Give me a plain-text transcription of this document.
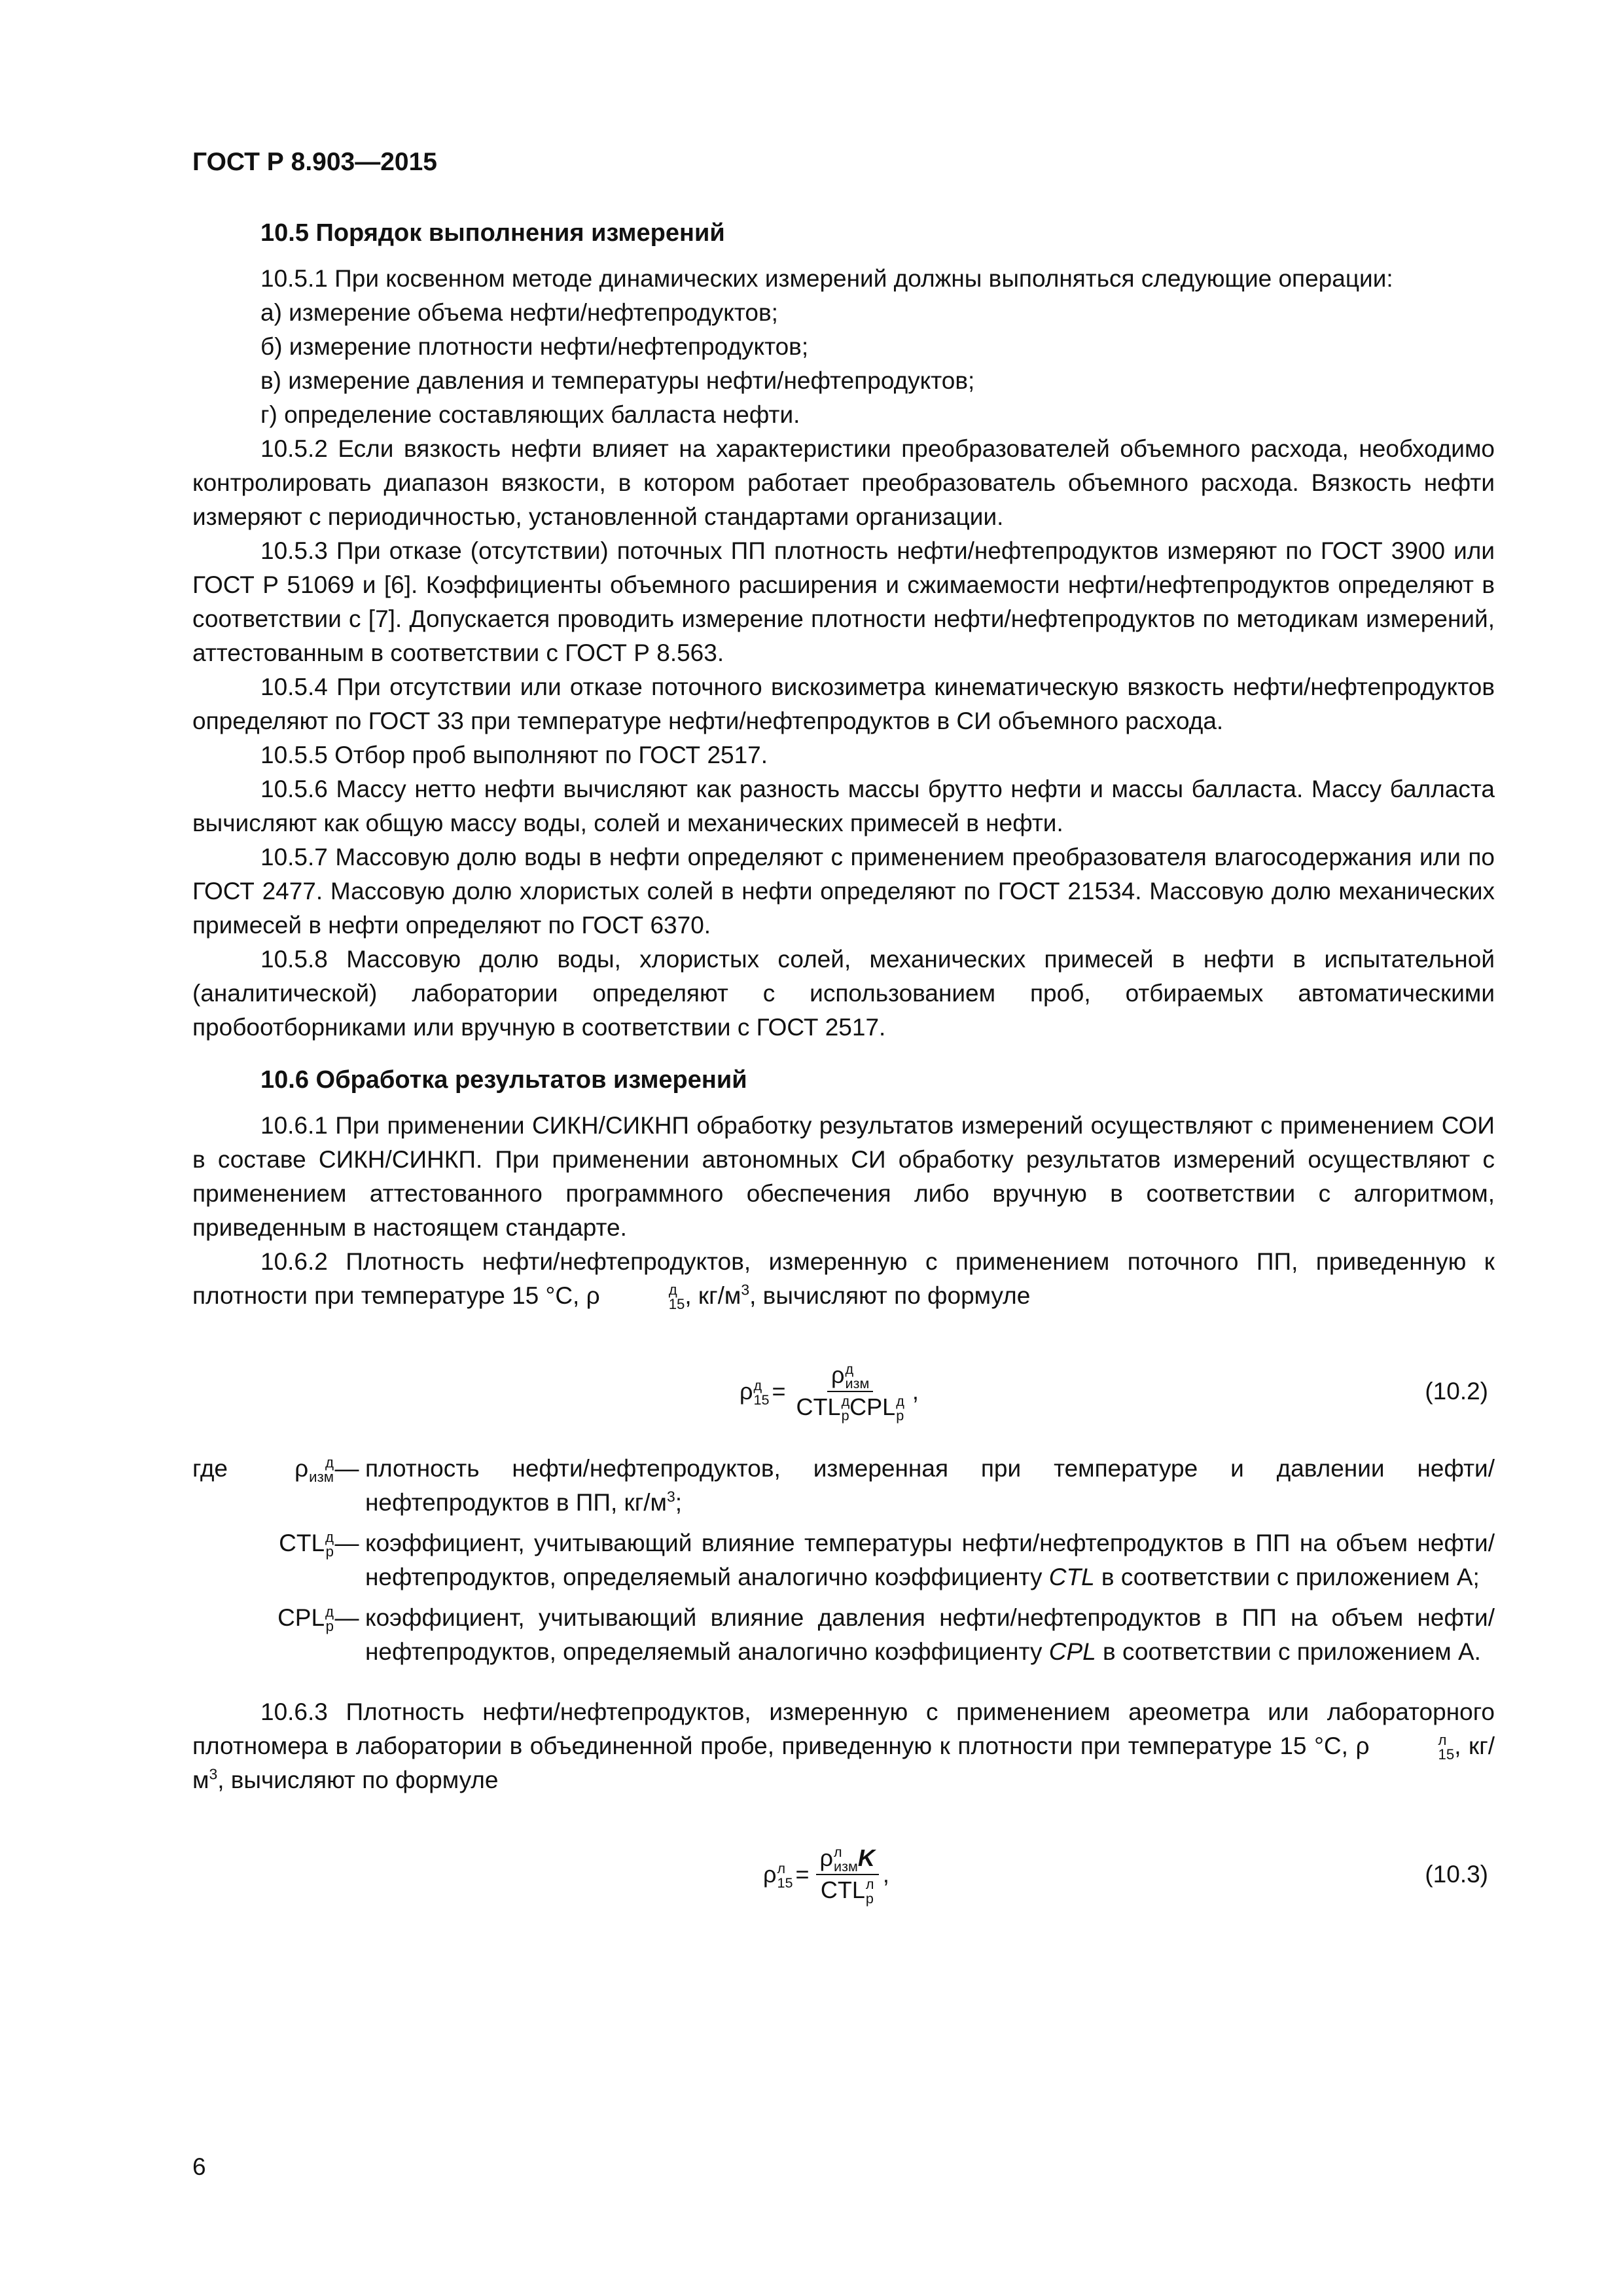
ГОСТ Р 8.903—2015
10.5 Порядок выполнения измерений

10.5.1 При косвенном методе динамических измерений должны выполняться следующие операции:

а) измерение объема нефти/нефтепродуктов;

б) измерение плотности нефти/нефтепродуктов;

в) измерение давления и температуры нефти/нефтепродуктов;

г) определение составляющих балласта нефти.

10.5.2 Если вязкость нефти влияет на характеристики преобразователей объемного расхода, необходимо контролировать диапазон вязкости, в котором работает преобразователь объемного расхода. Вязкость нефти измеряют с периодичностью, установленной стандартами организации.

10.5.3 При отказе (отсутствии) поточных ПП плотность нефти/нефтепродуктов измеряют по ГОСТ 3900 или ГОСТ Р 51069 и [6]. Коэффициенты объемного расширения и сжимаемости нефти/нефтепродуктов определяют в соответствии с [7]. Допускается проводить измерение плотности нефти/нефтепродуктов по методикам измерений, аттестованным в соответствии с ГОСТ Р 8.563.

10.5.4 При отсутствии или отказе поточного вискозиметра кинематическую вязкость нефти/нефтепродуктов определяют по ГОСТ 33 при температуре нефти/нефтепродуктов в СИ объемного расхода.

10.5.5 Отбор проб выполняют по ГОСТ 2517.

10.5.6 Массу нетто нефти вычисляют как разность массы брутто нефти и массы балласта. Массу балласта вычисляют как общую массу воды, солей и механических примесей в нефти.

10.5.7 Массовую долю воды в нефти определяют с применением преобразователя влагосодержания или по ГОСТ 2477. Массовую долю хлористых солей в нефти определяют по ГОСТ 21534. Массовую долю механических примесей в нефти определяют по ГОСТ 6370.

10.5.8 Массовую долю воды, хлористых солей, механических примесей в нефти в испытательной (аналитической) лаборатории определяют с использованием проб, отбираемых автоматическими пробоотборниками или вручную в соответствии с ГОСТ 2517.

10.6 Обработка результатов измерений

10.6.1 При применении СИКН/СИКНП обработку результатов измерений осуществляют с применением СОИ в составе СИКН/СИНКП. При применении автономных СИ обработку результатов измерений осуществляют с применением аттестованного программного обеспечения либо вручную в соответствии с алгоритмом, приведенным в настоящем стандарте.

10.6.2 Плотность нефти/нефтепродуктов, измеренную с применением поточного ПП, приведенную к плотности при температуре 15 °С, ρ	д
15 , $кг/м^3$, вычисляют по формуле

ρ д
15 = ρ д
изм
CTL д
р CPL д
р ,	(10.2)
где	ρ	д
изм — плотность нефти/нефтепродуктов, измеренная при температуре и давлении нефти/нефтепродуктов в ПП, $кг/м^3$;
CTL д
р — коэффициент, учитывающий влияние температуры нефти/нефтепродуктов в ПП на объем нефти/нефтепродуктов, определяемый аналогично коэффициенту CTL в соответствии с приложением А;
CPL д
р — коэффициент, учитывающий влияние давления нефти/нефтепродуктов в ПП на объем нефти/нефтепродуктов, определяемый аналогично коэффициенту CPL в соответствии с приложением А.

10.6.3 Плотность нефти/нефтепродуктов, измеренную с применением ареометра или лабораторного плотномера в лаборатории в объединенной пробе, приведенную к плотности при температуре 15 °С, ρ	л
15 , $кг/м^3$, вычисляют по формуле

ρ л
15 = ρ л
изм K
CTL л
р ,	(10.3)
6
